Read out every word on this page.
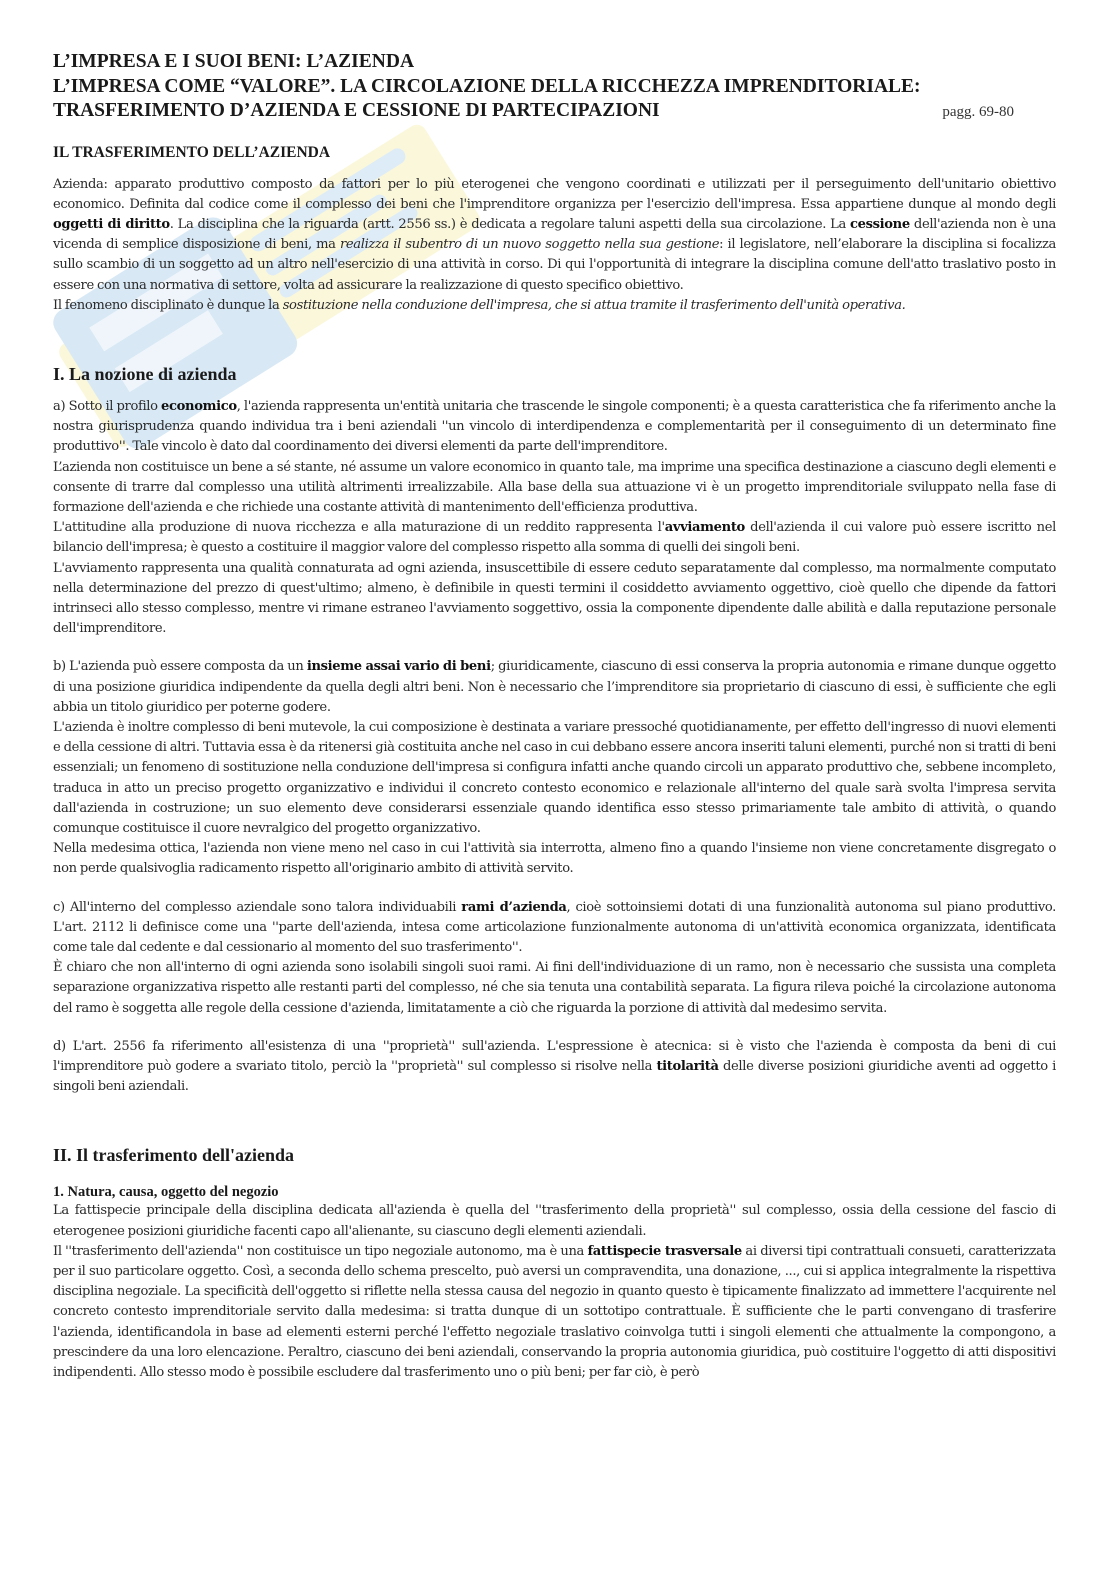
L’IMPRESA E I SUOI BENI: L’AZIENDA
L’IMPRESA COME “VALORE”. LA CIRCOLAZIONE DELLA RICCHEZZA IMPRENDITORIALE:
TRASFERIMENTO D’AZIENDA E CESSIONE DI PARTECIPAZIONI	pagg. 69-80
IL TRASFERIMENTO DELL’AZIENDA

Azienda: apparato produttivo composto da fattori per lo più eterogenei che vengono coordinati e utilizzati per il perseguimento dell'unitario obiettivo economico. Definita dal codice come il complesso dei beni che l'imprenditore organizza per l'esercizio dell'impresa. Essa appartiene dunque al mondo degli oggetti di diritto. La disciplina che la riguarda (artt. 2556 ss.) è dedicata a regolare taluni aspetti della sua circolazione. La cessione dell'azienda non è una vicenda di semplice disposizione di beni, ma realizza il subentro di un nuovo soggetto nella sua gestione: il legislatore, nell’elaborare la disciplina si focalizza sullo scambio di un soggetto ad un altro nell'esercizio di una attività in corso. Di qui l'opportunità di integrare la disciplina comune dell'atto traslativo posto in essere con una normativa di settore, volta ad assicurare la realizzazione di questo specifico obiettivo.

Il fenomeno disciplinato è dunque la sostituzione nella conduzione dell'impresa, che si attua tramite il trasferimento dell'unità operativa.

I. La nozione di azienda

a) Sotto il profilo economico, l'azienda rappresenta un'entità unitaria che trascende le singole componenti; è a questa caratteristica che fa riferimento anche la nostra giurisprudenza quando individua tra i beni aziendali ''un vincolo di interdipendenza e complementarità per il conseguimento di un determinato fine produttivo''. Tale vincolo è dato dal coordinamento dei diversi elementi da parte dell'imprenditore.

L’azienda non costituisce un bene a sé stante, né assume un valore economico in quanto tale, ma imprime una specifica destinazione a ciascuno degli elementi e consente di trarre dal complesso una utilità altrimenti irrealizzabile. Alla base della sua attuazione vi è un progetto imprenditoriale sviluppato nella fase di formazione dell'azienda e che richiede una costante attività di mantenimento dell'efficienza produttiva.

L'attitudine alla produzione di nuova ricchezza e alla maturazione di un reddito rappresenta l'avviamento dell'azienda il cui valore può essere iscritto nel bilancio dell'impresa; è questo a costituire il maggior valore del complesso rispetto alla somma di quelli dei singoli beni.

L'avviamento rappresenta una qualità connaturata ad ogni azienda, insuscettibile di essere ceduto separatamente dal complesso, ma normalmente computato nella determinazione del prezzo di quest'ultimo; almeno, è definibile in questi termini il cosiddetto avviamento oggettivo, cioè quello che dipende da fattori intrinseci allo stesso complesso, mentre vi rimane estraneo l'avviamento soggettivo, ossia la componente dipendente dalle abilità e dalla reputazione personale dell'imprenditore.

b) L'azienda può essere composta da un insieme assai vario di beni; giuridicamente, ciascuno di essi conserva la propria autonomia e rimane dunque oggetto di una posizione giuridica indipendente da quella degli altri beni. Non è necessario che l’imprenditore sia proprietario di ciascuno di essi, è sufficiente che egli abbia un titolo giuridico per poterne godere.

L'azienda è inoltre complesso di beni mutevole, la cui composizione è destinata a variare pressoché quotidianamente, per effetto dell'ingresso di nuovi elementi e della cessione di altri. Tuttavia essa è da ritenersi già costituita anche nel caso in cui debbano essere ancora inseriti taluni elementi, purché non si tratti di beni essenziali; un fenomeno di sostituzione nella conduzione dell'impresa si configura infatti anche quando circoli un apparato produttivo che, sebbene incompleto, traduca in atto un preciso progetto organizzativo e individui il concreto contesto economico e relazionale all'interno del quale sarà svolta l'impresa servita dall'azienda in costruzione; un suo elemento deve considerarsi essenziale quando identifica esso stesso primariamente tale ambito di attività, o quando comunque costituisce il cuore nevralgico del progetto organizzativo.

Nella medesima ottica, l'azienda non viene meno nel caso in cui l'attività sia interrotta, almeno fino a quando l'insieme non viene concretamente disgregato o non perde qualsivoglia radicamento rispetto all'originario ambito di attività servito.

c) All'interno del complesso aziendale sono talora individuabili rami d’azienda, cioè sottoinsiemi dotati di una funzionalità autonoma sul piano produttivo. L'art. 2112 li definisce come una ''parte dell'azienda, intesa come articolazione funzionalmente autonoma di un'attività economica organizzata, identificata come tale dal cedente e dal cessionario al momento del suo trasferimento''.

È chiaro che non all'interno di ogni azienda sono isolabili singoli suoi rami. Ai fini dell'individuazione di un ramo, non è necessario che sussista una completa separazione organizzativa rispetto alle restanti parti del complesso, né che sia tenuta una contabilità separata. La figura rileva poiché la circolazione autonoma del ramo è soggetta alle regole della cessione d'azienda, limitatamente a ciò che riguarda la porzione di attività dal medesimo servita.

d) L'art. 2556 fa riferimento all'esistenza di una ''proprietà'' sull'azienda. L'espressione è atecnica: si è visto che l'azienda è composta da beni di cui l'imprenditore può godere a svariato titolo, perciò la ''proprietà'' sul complesso si risolve nella titolarità delle diverse posizioni giuridiche aventi ad oggetto i singoli beni aziendali.

II. Il trasferimento dell'azienda
1. Natura, causa, oggetto del negozio

La fattispecie principale della disciplina dedicata all'azienda è quella del ''trasferimento della proprietà'' sul complesso, ossia della cessione del fascio di eterogenee posizioni giuridiche facenti capo all'alienante, su ciascuno degli elementi aziendali.

Il ''trasferimento dell'azienda'' non costituisce un tipo negoziale autonomo, ma è una fattispecie trasversale ai diversi tipi contrattuali consueti, caratterizzata per il suo particolare oggetto. Così, a seconda dello schema prescelto, può aversi un compravendita, una donazione, ..., cui si applica integralmente la rispettiva disciplina negoziale. La specificità dell'oggetto si riflette nella stessa causa del negozio in quanto questo è tipicamente finalizzato ad immettere l'acquirente nel concreto contesto imprenditoriale servito dalla medesima: si tratta dunque di un sottotipo contrattuale. È sufficiente che le parti convengano di trasferire l'azienda, identificandola in base ad elementi esterni perché l'effetto negoziale traslativo coinvolga tutti i singoli elementi che attualmente la compongono, a prescindere da una loro elencazione. Peraltro, ciascuno dei beni aziendali, conservando la propria autonomia giuridica, può costituire l'oggetto di atti dispositivi indipendenti. Allo stesso modo è possibile escludere dal trasferimento uno o più beni; per far ciò, è però
